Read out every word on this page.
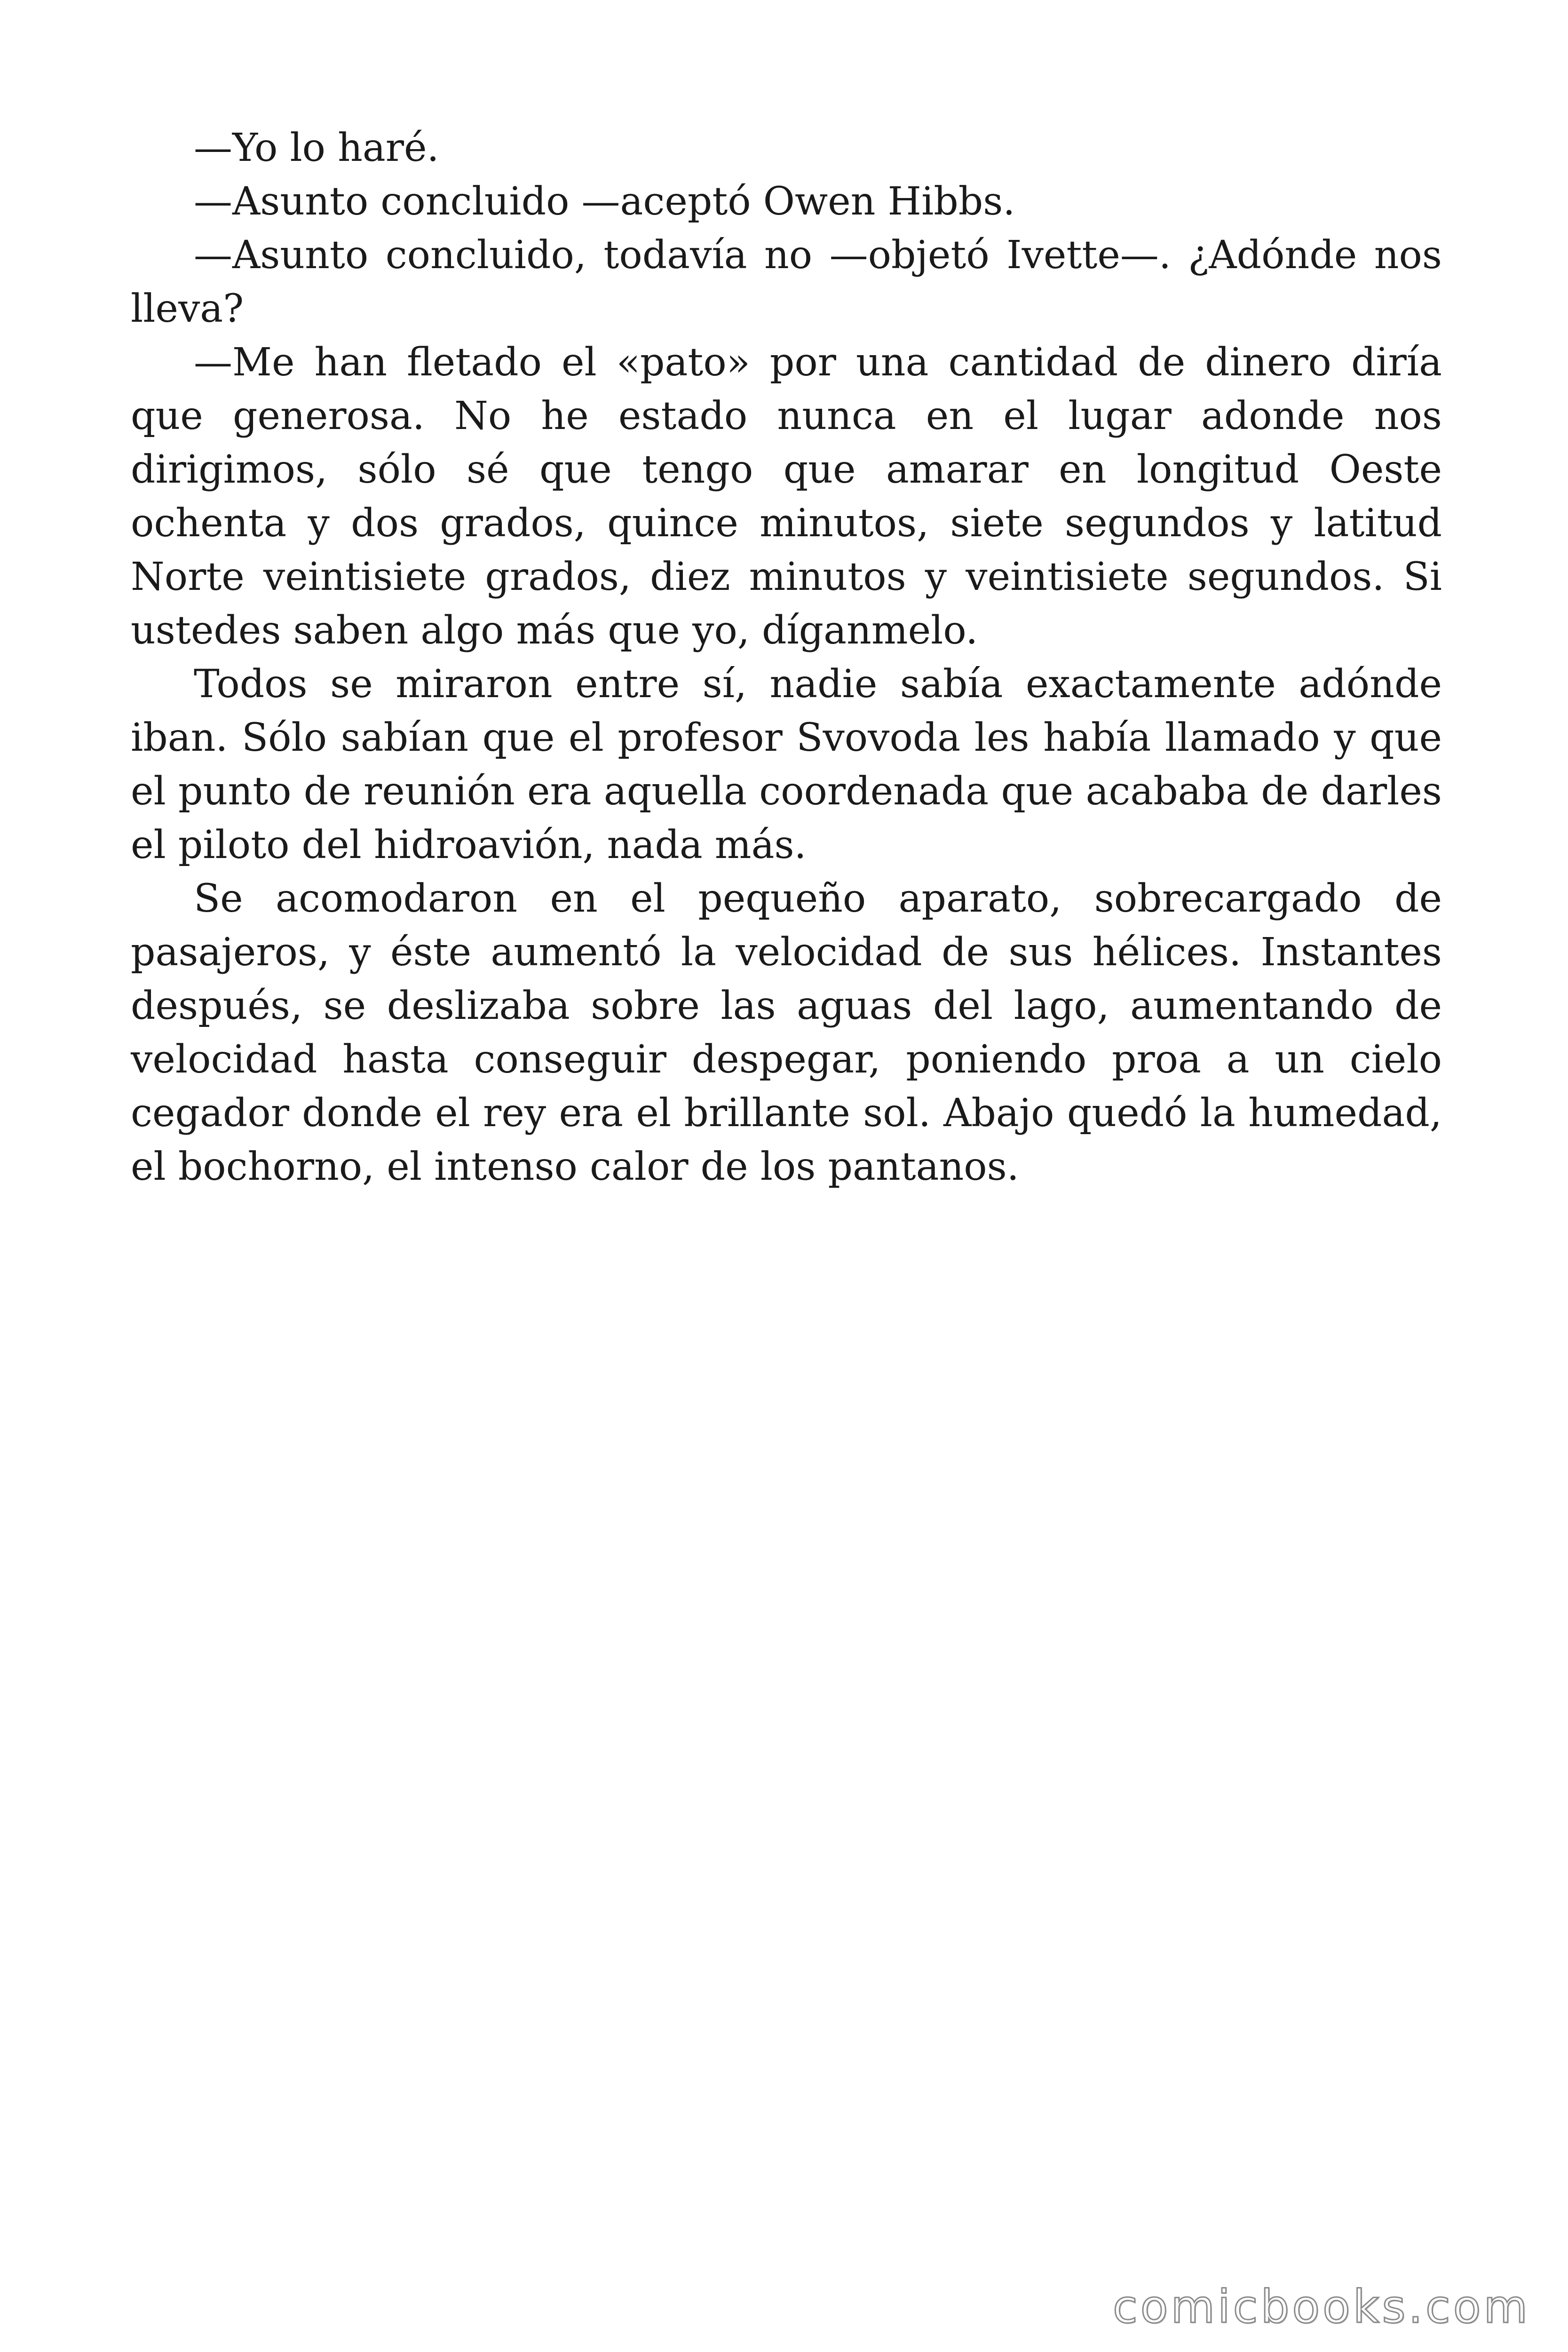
—Yo lo haré.

—Asunto concluido —aceptó Owen Hibbs.

—Asunto concluido, todavía no —objetó Ivette—. ¿Adónde nos lleva?

—Me han fletado el «pato» por una cantidad de dinero diría que generosa. No he estado nunca en el lugar adonde nos dirigimos, sólo sé que tengo que amarar en longitud Oeste ochenta y dos grados, quince minutos, siete segundos y latitud Norte veintisiete grados, diez minutos y veintisiete segundos. Si ustedes saben algo más que yo, díganmelo.

Todos se miraron entre sí, nadie sabía exactamente adónde iban. Sólo sabían que el profesor Svovoda les había llamado y que el punto de reunión era aquella coordenada que acababa de darles el piloto del hidroavión, nada más.

Se acomodaron en el pequeño aparato, sobrecargado de pasajeros, y éste aumentó la velocidad de sus hélices. Instantes después, se deslizaba sobre las aguas del lago, aumentando de velocidad hasta conseguir despegar, poniendo proa a un cielo cegador donde el rey era el brillante sol. Abajo quedó la humedad, el bochorno, el intenso calor de los pantanos.

comicbooks.com
